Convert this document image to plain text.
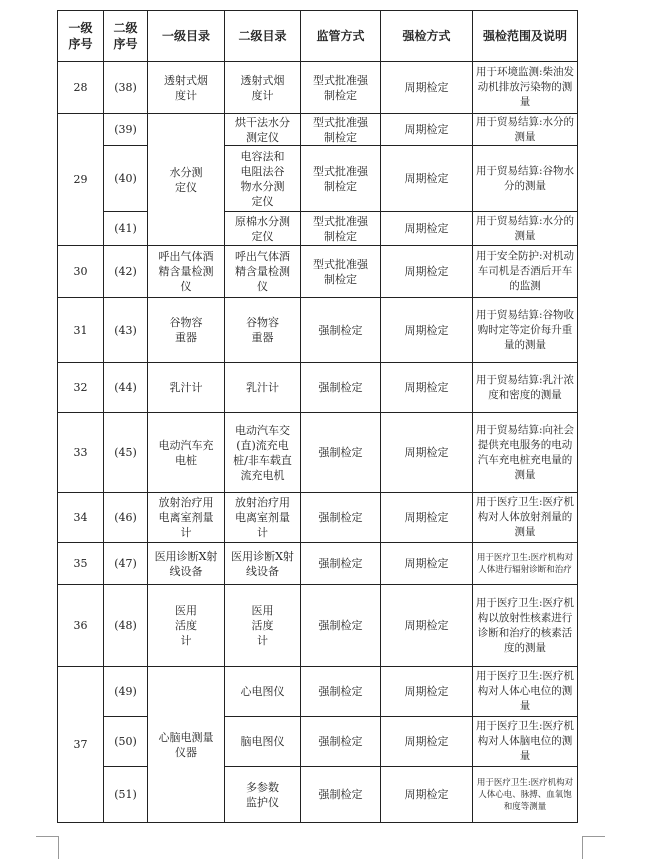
一级序号	二级序号	一级目录	二级目录	监管方式	强检方式	强检范围及说明
28	(38)	透射式烟度计	透射式烟度计	型式批准强制检定	周期检定	用于环境监测:柴油发动机排放污染物的测量
29	(39)	水分测定仪	烘干法水分测定仪	型式批准强制检定	周期检定	用于贸易结算:水分的测量
	(40)		电容法和电阻法谷物水分测定仪	型式批准强制检定	周期检定	用于贸易结算:谷物水分的测量
	(41)		原棉水分测定仪	型式批准强制检定	周期检定	用于贸易结算:水分的测量
30	(42)	呼出气体酒精含量检测仪	呼出气体酒精含量检测仪	型式批准强制检定	周期检定	用于安全防护:对机动车司机是否酒后开车的监测
31	(43)	谷物容重器	谷物容重器	强制检定	周期检定	用于贸易结算:谷物收购时定等定价每升重量的测量
32	(44)	乳汁计	乳汁计	强制检定	周期检定	用于贸易结算:乳汁浓度和密度的测量
33	(45)	电动汽车充电桩	电动汽车交(直)流充电桩/非车载直流充电机	强制检定	周期检定	用于贸易结算:向社会提供充电服务的电动汽车充电桩充电量的测量
34	(46)	放射治疗用电离室剂量计	放射治疗用电离室剂量计	强制检定	周期检定	用于医疗卫生:医疗机构对人体放射剂量的测量
35	(47)	医用诊断X射线设备	医用诊断X射线设备	强制检定	周期检定	用于医疗卫生:医疗机构对人体进行辐射诊断和治疗
36	(48)	医用活度计	医用活度计	强制检定	周期检定	用于医疗卫生:医疗机构以放射性核素进行诊断和治疗的核素活度的测量
37	(49)	心脑电测量仪器	心电图仪	强制检定	周期检定	用于医疗卫生:医疗机构对人体心电位的测量
	(50)		脑电图仪	强制检定	周期检定	用于医疗卫生:医疗机构对人体脑电位的测量
	(51)		多参数监护仪	强制检定	周期检定	用于医疗卫生:医疗机构对人体心电、脉搏、血氧饱和度等测量
